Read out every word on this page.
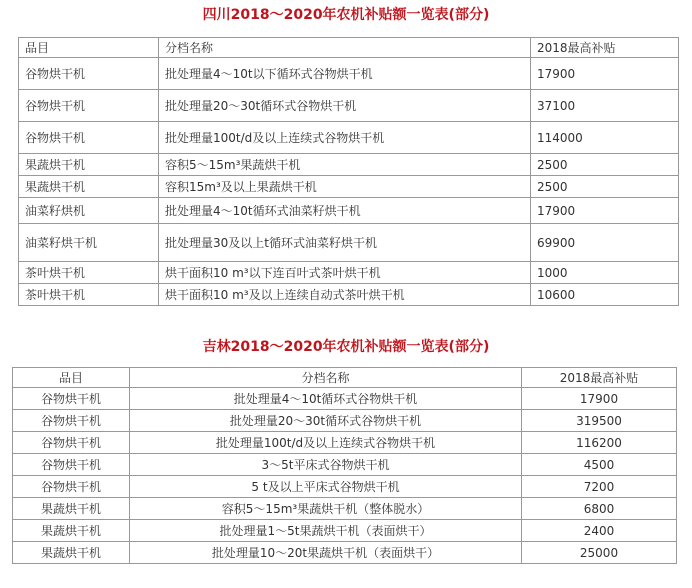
四川2018～2020年农机补贴额一览表(部分)
品目	分档名称	2018最高补贴
谷物烘干机	批处理量4～10t以下循环式谷物烘干机	17900
谷物烘干机	批处理量20～30t循环式谷物烘干机	37100
谷物烘干机	批处理量100t/d及以上连续式谷物烘干机	114000
果蔬烘干机	容积5～15m³果蔬烘干机	2500
果蔬烘干机	容积15m³及以上果蔬烘干机	2500
油菜籽烘机	批处理量4～10t循环式油菜籽烘干机	17900
油菜籽烘干机	批处理量30及以上t循环式油菜籽烘干机	69900
茶叶烘干机	烘干面积10 m³以下连百叶式茶叶烘干机	1000
茶叶烘干机	烘干面积10 m³及以上连续自动式茶叶烘干机	10600
吉林2018～2020年农机补贴额一览表(部分)
品目	分档名称	2018最高补贴
谷物烘干机	批处理量4～10t循环式谷物烘干机	17900
谷物烘干机	批处理量20～30t循环式谷物烘干机	319500
谷物烘干机	批处理量100t/d及以上连续式谷物烘干机	116200
谷物烘干机	3～5t平床式谷物烘干机	4500
谷物烘干机	5 t及以上平床式谷物烘干机	7200
果蔬烘干机	容积5～15m³果蔬烘干机（整体脱水）	6800
果蔬烘干机	批处理量1～5t果蔬烘干机（表面烘干）	2400
果蔬烘干机	批处理量10～20t果蔬烘干机（表面烘干）	25000
